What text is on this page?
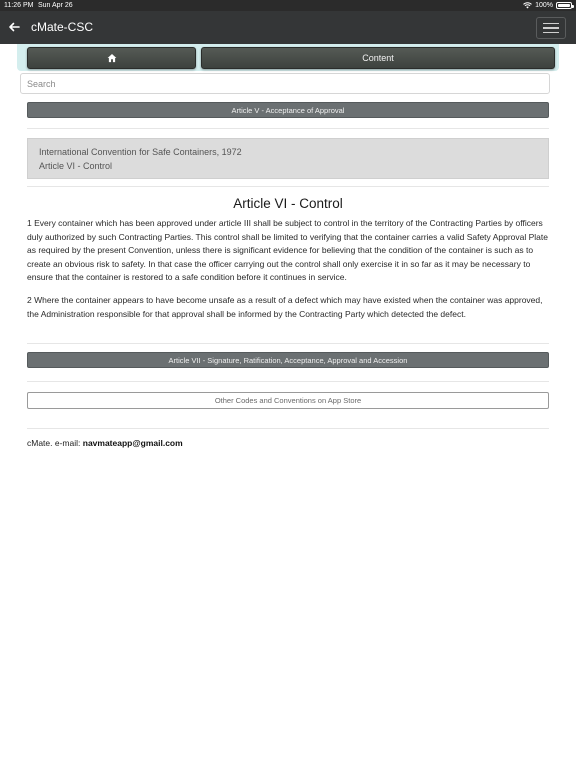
11:26 PM Sun Apr 26	100%
cMate-CSC
Content
Search
Article V - Acceptance of Approval
International Convention for Safe Containers, 1972
Article VI - Control
Article VI - Control

1 Every container which has been approved under article III shall be subject to control in the territory of the Contracting Parties by officers duly authorized by such Contracting Parties. This control shall be limited to verifying that the container carries a valid Safety Approval Plate as required by the present Convention, unless there is significant evidence for believing that the condition of the container is such as to create an obvious risk to safety. In that case the officer carrying out the control shall only exercise it in so far as it may be necessary to ensure that the container is restored to a safe condition before it continues in service.

2 Where the container appears to have become unsafe as a result of a defect which may have existed when the container was approved, the Administration responsible for that approval shall be informed by the Contracting Party which detected the defect.

Article VII - Signature, Ratification, Acceptance, Approval and Accession
Other Codes and Conventions on App Store
cMate. e-mail: navmateapp@gmail.com
